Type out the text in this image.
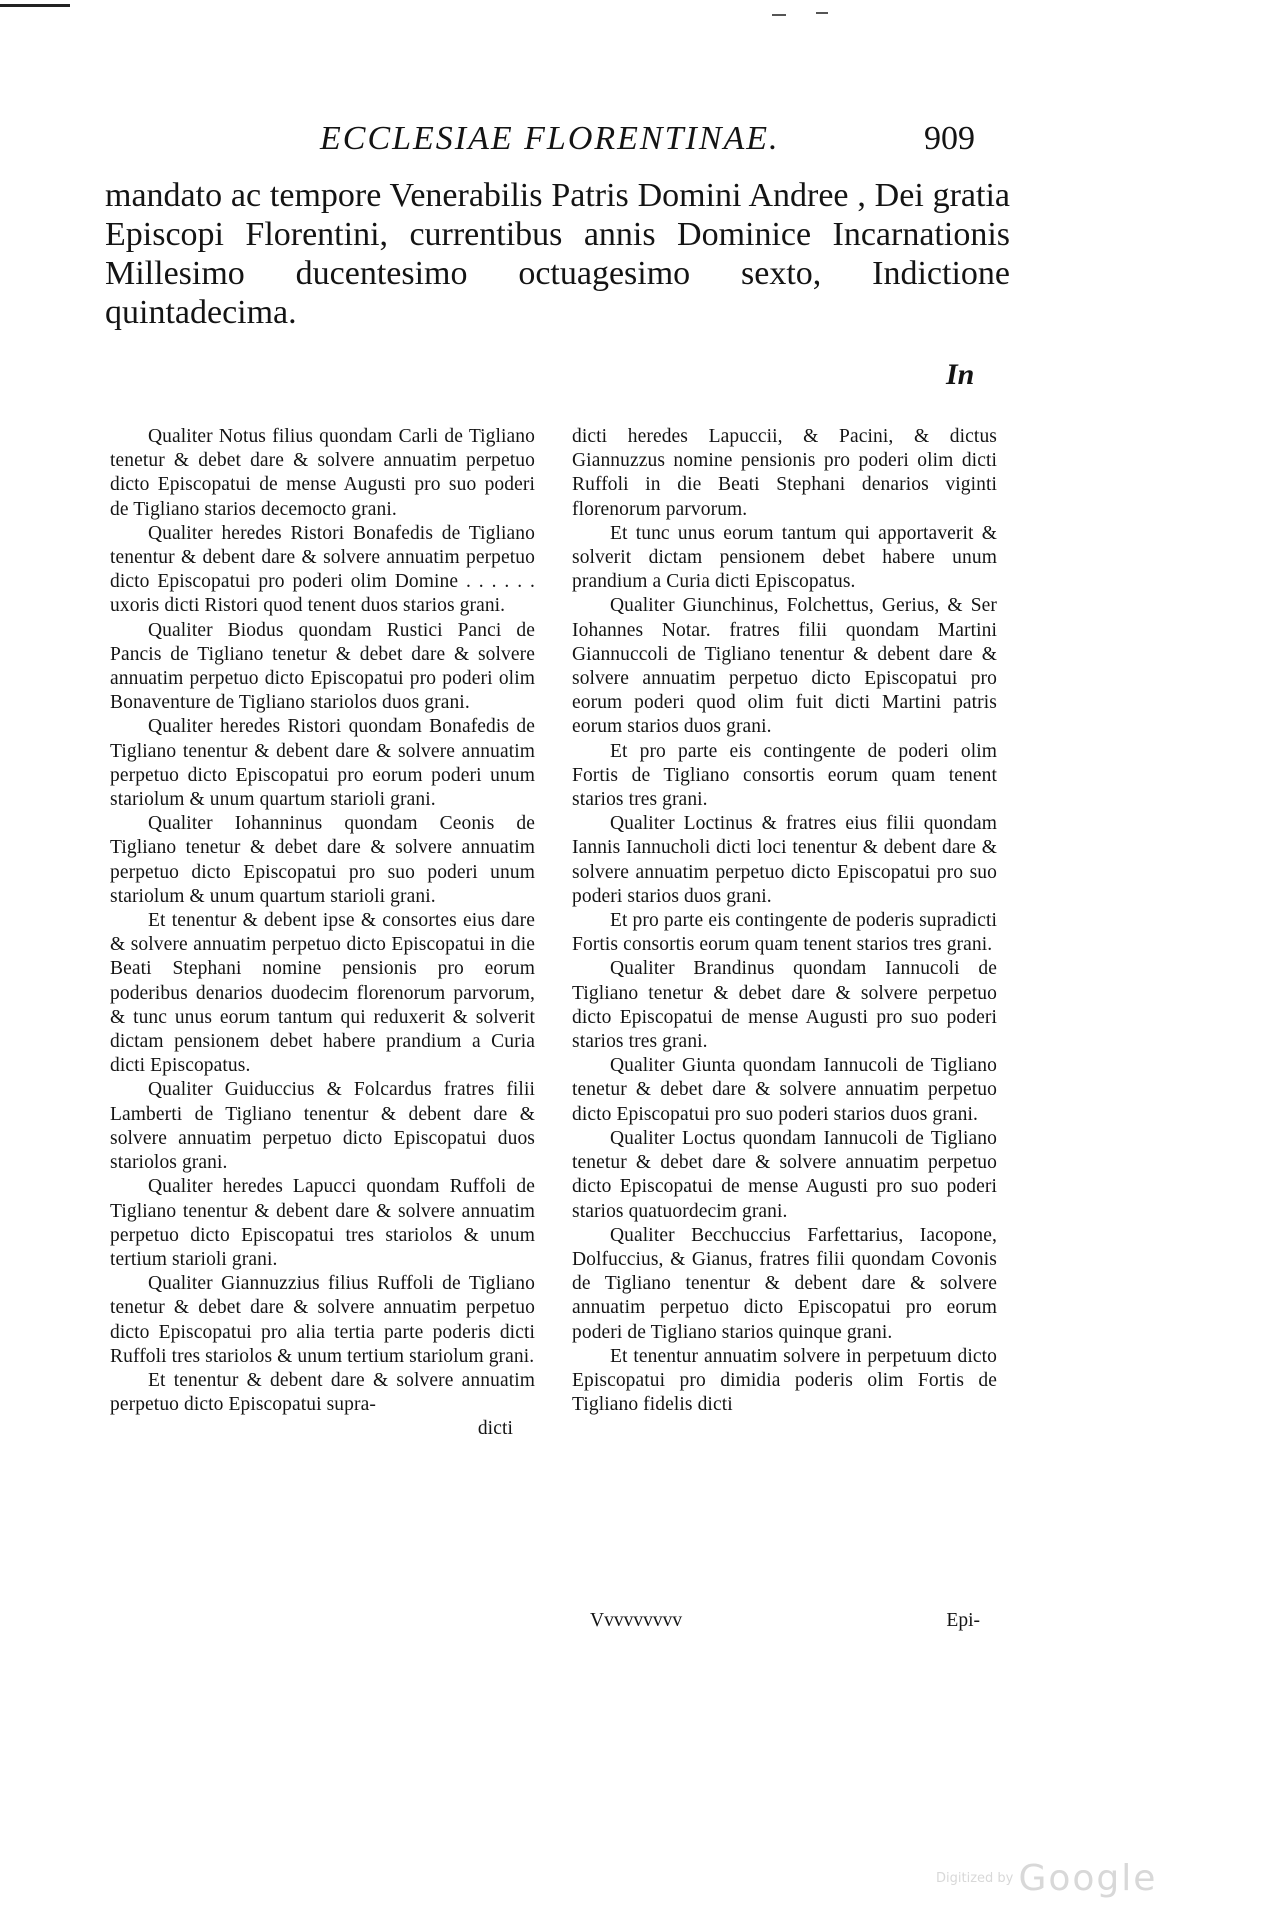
ECCLESIAE FLORENTINAE.	909

mandato ac tempore Venerabilis Patris Domini Andree , Dei gratia Episcopi Florentini, currentibus annis Dominice Incarnationis Millesimo ducentesimo octuagesimo sexto, Indictione quintadecima.

In

Qualiter Notus filius quondam Carli de Tigliano tenetur & debet dare & solvere annuatim perpetuo dicto Episcopatui de mense Augusti pro suo poderi de Tigliano starios decemocto grani.

Qualiter heredes Ristori Bonafedis de Tigliano tenentur & debent dare & solvere annuatim perpetuo dicto Episcopatui pro poderi olim Domine . . . . . . uxoris dicti Ristori quod tenent duos starios grani.

Qualiter Biodus quondam Rustici Panci de Pancis de Tigliano tenetur & debet dare & solvere annuatim perpetuo dicto Episcopatui pro poderi olim Bonaventure de Tigliano stariolos duos grani.

Qualiter heredes Ristori quondam Bonafedis de Tigliano tenentur & debent dare & solvere annuatim perpetuo dicto Episcopatui pro eorum poderi unum stariolum & unum quartum starioli grani.

Qualiter Iohanninus quondam Ceonis de Tigliano tenetur & debet dare & solvere annuatim perpetuo dicto Episcopatui pro suo poderi unum stariolum & unum quartum starioli grani.

Et tenentur & debent ipse & consortes eius dare & solvere annuatim perpetuo dicto Episcopatui in die Beati Stephani nomine pensionis pro eorum poderibus denarios duodecim florenorum parvorum, & tunc unus eorum tantum qui reduxerit & solverit dictam pensionem debet habere prandium a Curia dicti Episcopatus.

Qualiter Guiduccius & Folcardus fratres filii Lamberti de Tigliano tenentur & debent dare & solvere annuatim perpetuo dicto Episcopatui duos stariolos grani.

Qualiter heredes Lapucci quondam Ruffoli de Tigliano tenentur & debent dare & solvere annuatim perpetuo dicto Episcopatui tres stariolos & unum tertium starioli grani.

Qualiter Giannuzzius filius Ruffoli de Tigliano tenetur & debet dare & solvere annuatim perpetuo dicto Episcopatui pro alia tertia parte poderis dicti Ruffoli tres stariolos & unum tertium stariolum grani.

Et tenentur & debent dare & solvere annuatim perpetuo dicto Episcopatui supra-

dicti

dicti heredes Lapuccii, & Pacini, & dictus Giannuzzus nomine pensionis pro poderi olim dicti Ruffoli in die Beati Stephani denarios viginti florenorum parvorum.

Et tunc unus eorum tantum qui apportaverit & solverit dictam pensionem debet habere unum prandium a Curia dicti Episcopatus.

Qualiter Giunchinus, Folchettus, Gerius, & Ser Iohannes Notar. fratres filii quondam Martini Giannuccoli de Tigliano tenentur & debent dare & solvere annuatim perpetuo dicto Episcopatui pro eorum poderi quod olim fuit dicti Martini patris eorum starios duos grani.

Et pro parte eis contingente de poderi olim Fortis de Tigliano consortis eorum quam tenent starios tres grani.

Qualiter Loctinus & fratres eius filii quondam Iannis Iannucholi dicti loci tenentur & debent dare & solvere annuatim perpetuo dicto Episcopatui pro suo poderi starios duos grani.

Et pro parte eis contingente de poderis supradicti Fortis consortis eorum quam tenent starios tres grani.

Qualiter Brandinus quondam Iannucoli de Tigliano tenetur & debet dare & solvere perpetuo dicto Episcopatui de mense Augusti pro suo poderi starios tres grani.

Qualiter Giunta quondam Iannucoli de Tigliano tenetur & debet dare & solvere annuatim perpetuo dicto Episcopatui pro suo poderi starios duos grani.

Qualiter Loctus quondam Iannucoli de Tigliano tenetur & debet dare & solvere annuatim perpetuo dicto Episcopatui de mense Augusti pro suo poderi starios quatuordecim grani.

Qualiter Becchuccius Farfettarius, Iacopone, Dolfuccius, & Gianus, fratres filii quondam Covonis de Tigliano tenentur & debent dare & solvere annuatim perpetuo dicto Episcopatui pro eorum poderi de Tigliano starios quinque grani.

Et tenentur annuatim solvere in perpetuum dicto Episcopatui pro dimidia poderis olim Fortis de Tigliano fidelis dicti

Vvvvvvvvv	Epi-
Digitized by Google
